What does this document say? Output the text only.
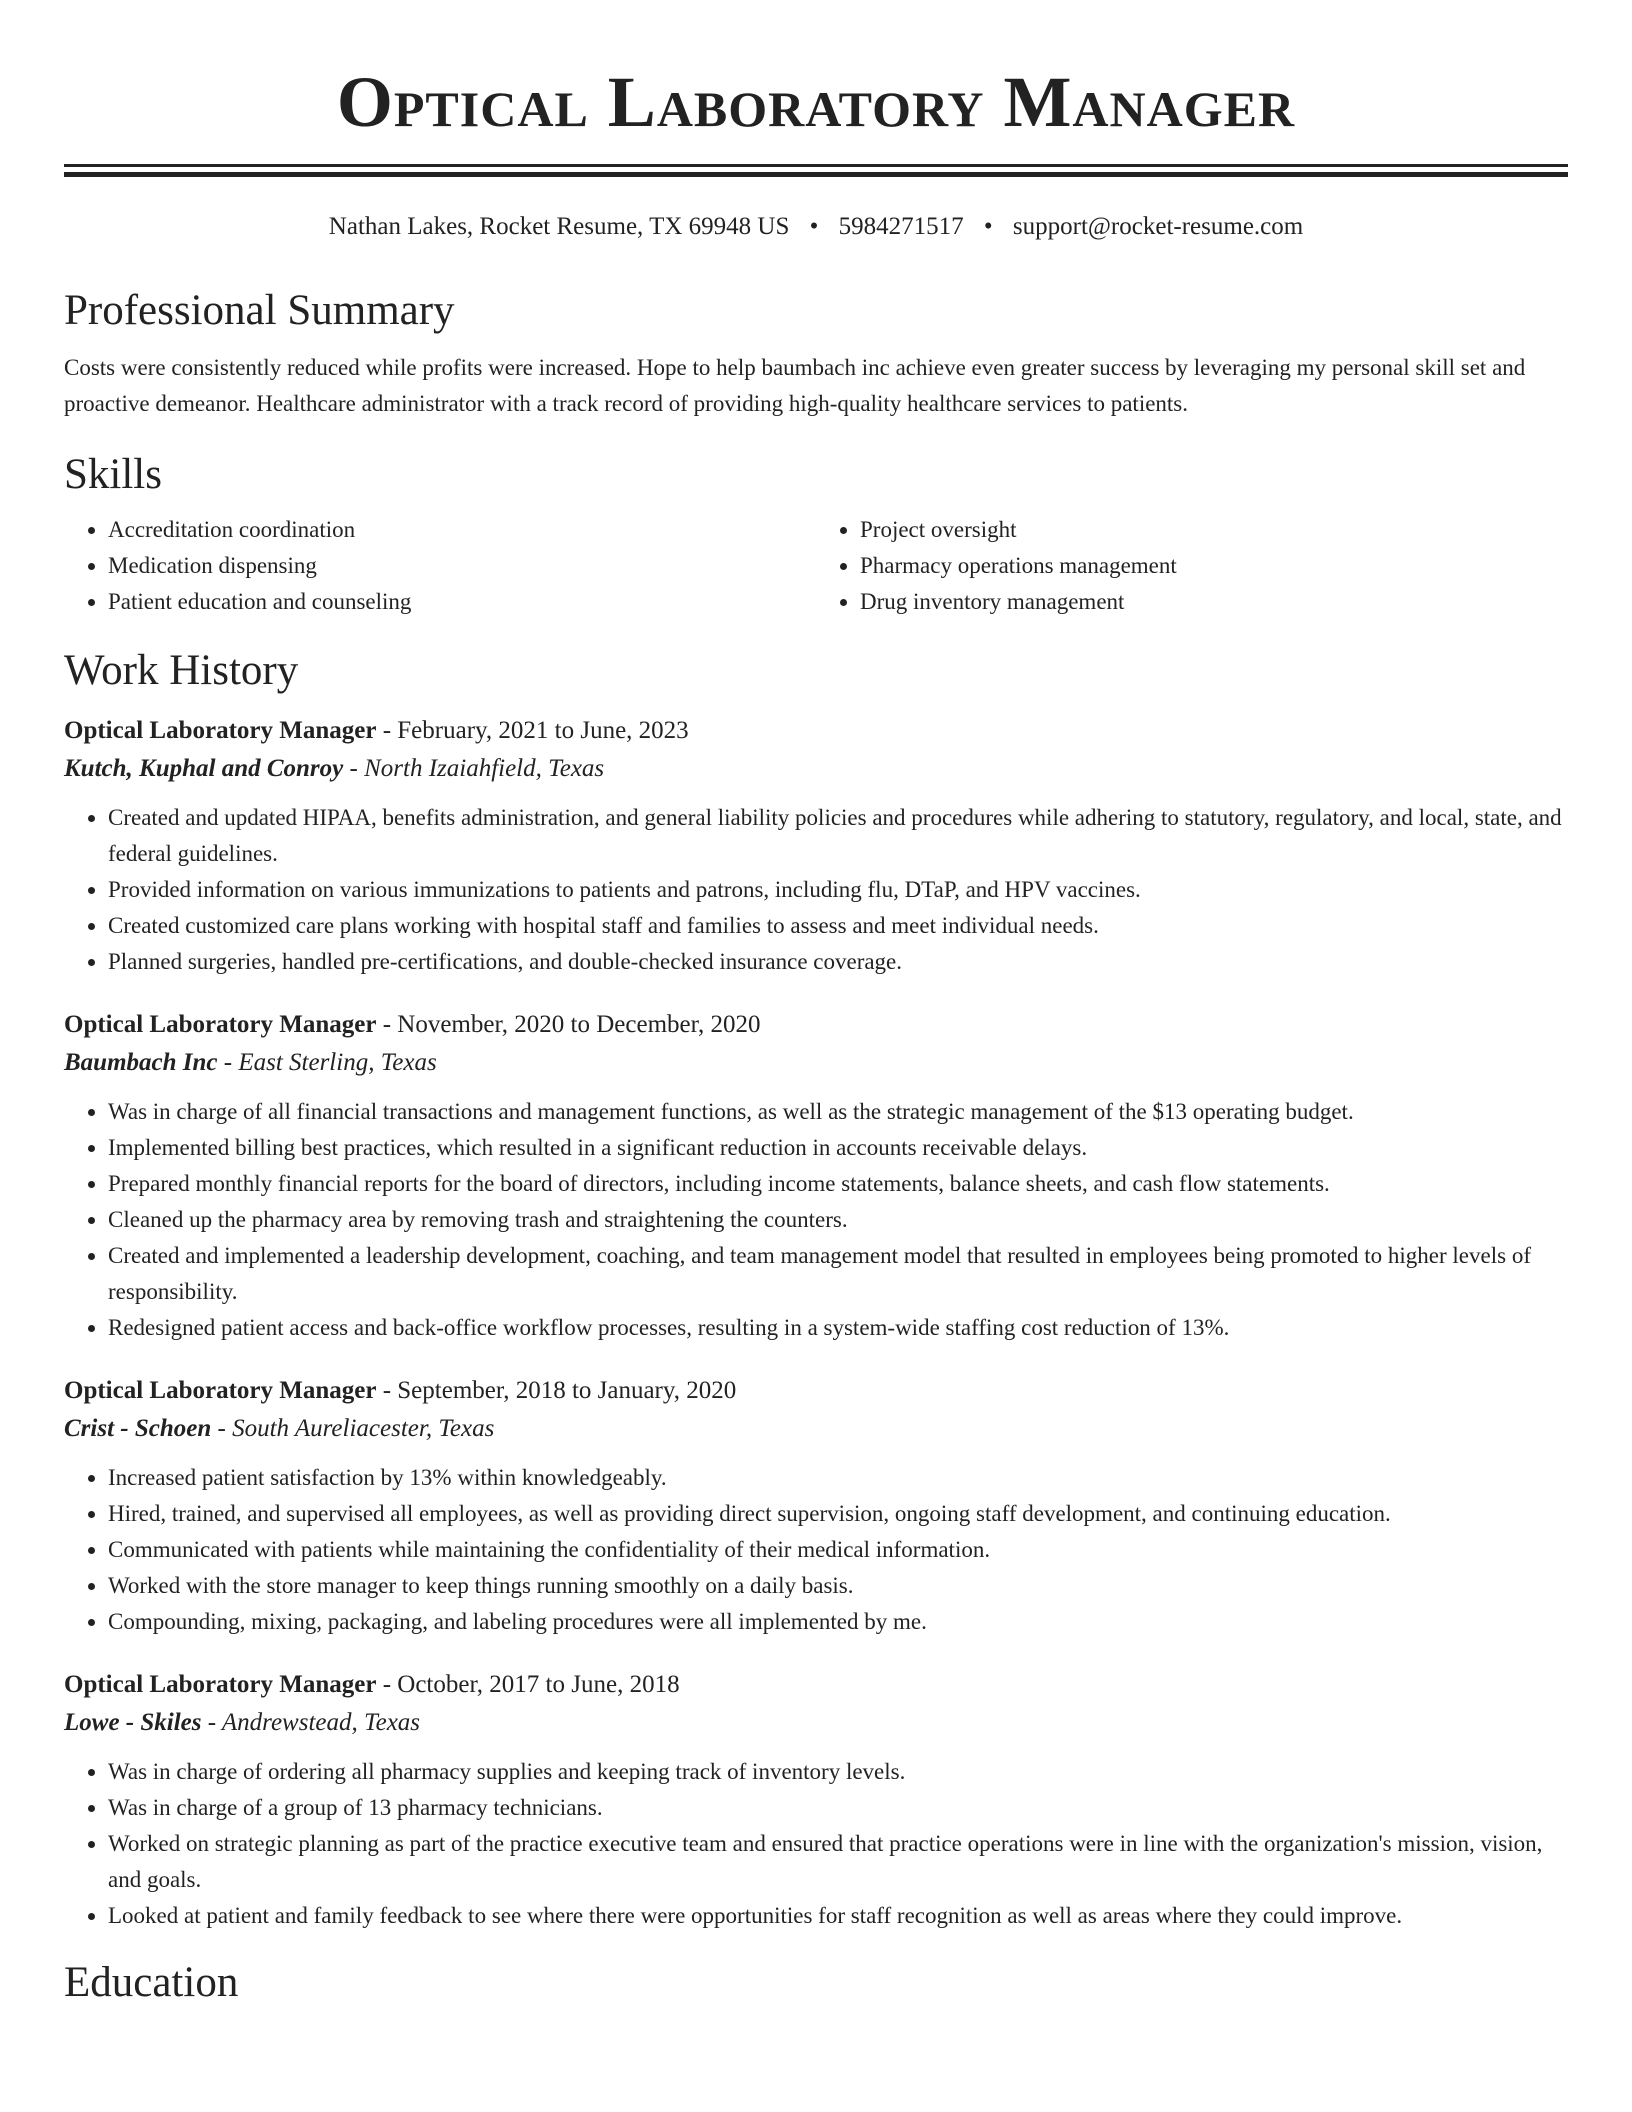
Optical Laboratory Manager
Nathan Lakes, Rocket Resume, TX 69948 US • 5984271517 • support@rocket-resume.com
Professional Summary

Costs were consistently reduced while profits were increased. Hope to help baumbach inc achieve even greater success by leveraging my personal skill set and proactive demeanor. Healthcare administrator with a track record of providing high-quality healthcare services to patients.

Skills
• Accreditation coordination
• Medication dispensing
• Patient education and counseling
• Project oversight
• Pharmacy operations management
• Drug inventory management
Work History
Optical Laboratory Manager - February, 2021 to June, 2023
Kutch, Kuphal and Conroy - North Izaiahfield, Texas
• Created and updated HIPAA, benefits administration, and general liability policies and procedures while adhering to statutory, regulatory, and local, state, and federal guidelines.
• Provided information on various immunizations to patients and patrons, including flu, DTaP, and HPV vaccines.
• Created customized care plans working with hospital staff and families to assess and meet individual needs.
• Planned surgeries, handled pre-certifications, and double-checked insurance coverage.
Optical Laboratory Manager - November, 2020 to December, 2020
Baumbach Inc - East Sterling, Texas
• Was in charge of all financial transactions and management functions, as well as the strategic management of the $13 operating budget.
• Implemented billing best practices, which resulted in a significant reduction in accounts receivable delays.
• Prepared monthly financial reports for the board of directors, including income statements, balance sheets, and cash flow statements.
• Cleaned up the pharmacy area by removing trash and straightening the counters.
• Created and implemented a leadership development, coaching, and team management model that resulted in employees being promoted to higher levels of responsibility.
• Redesigned patient access and back-office workflow processes, resulting in a system-wide staffing cost reduction of 13%.
Optical Laboratory Manager - September, 2018 to January, 2020
Crist - Schoen - South Aureliacester, Texas
• Increased patient satisfaction by 13% within knowledgeably.
• Hired, trained, and supervised all employees, as well as providing direct supervision, ongoing staff development, and continuing education.
• Communicated with patients while maintaining the confidentiality of their medical information.
• Worked with the store manager to keep things running smoothly on a daily basis.
• Compounding, mixing, packaging, and labeling procedures were all implemented by me.
Optical Laboratory Manager - October, 2017 to June, 2018
Lowe - Skiles - Andrewstead, Texas
• Was in charge of ordering all pharmacy supplies and keeping track of inventory levels.
• Was in charge of a group of 13 pharmacy technicians.
• Worked on strategic planning as part of the practice executive team and ensured that practice operations were in line with the organization's mission, vision, and goals.
• Looked at patient and family feedback to see where there were opportunities for staff recognition as well as areas where they could improve.
Education
